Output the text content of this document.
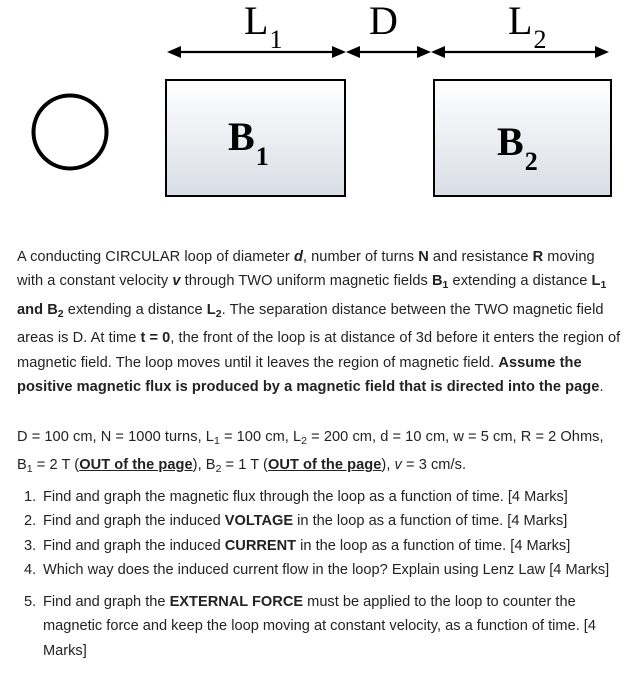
$L_1$ D	$L_2$
$B_1$	$B_2$
A conducting CIRCULAR loop of diameter d, number of turns N and resistance R moving with a constant velocity v through TWO uniform magnetic fields $B_1$ extending a distance $L_1$ and $B_2$ extending a distance $L_2$. The separation distance between the TWO magnetic field areas is D. At time t = 0, the front of the loop is at distance of 3d before it enters the region of magnetic field. The loop moves until it leaves the region of magnetic field. Assume the positive magnetic flux is produced by a magnetic field that is directed into the page.
D = 100 cm, N = 1000 turns, $L_1 = 100$ cm, $L_2 = 200$ cm, d = 10 cm, w = 5 cm, R = 2 Ohms, $B_1 = 2$ T (OUT of the page), $B_2 = 1$ T (OUT of the page), v = 3 cm/s.
1. Find and graph the magnetic flux through the loop as a function of time. [4 Marks]
2. Find and graph the induced VOLTAGE in the loop as a function of time. [4 Marks]
3. Find and graph the induced CURRENT in the loop as a function of time. [4 Marks]
4. Which way does the induced current flow in the loop? Explain using Lenz Law [4 Marks]
5. Find and graph the EXTERNAL FORCE must be applied to the loop to counter the magnetic force and keep the loop moving at constant velocity, as a function of time. [4 Marks]
